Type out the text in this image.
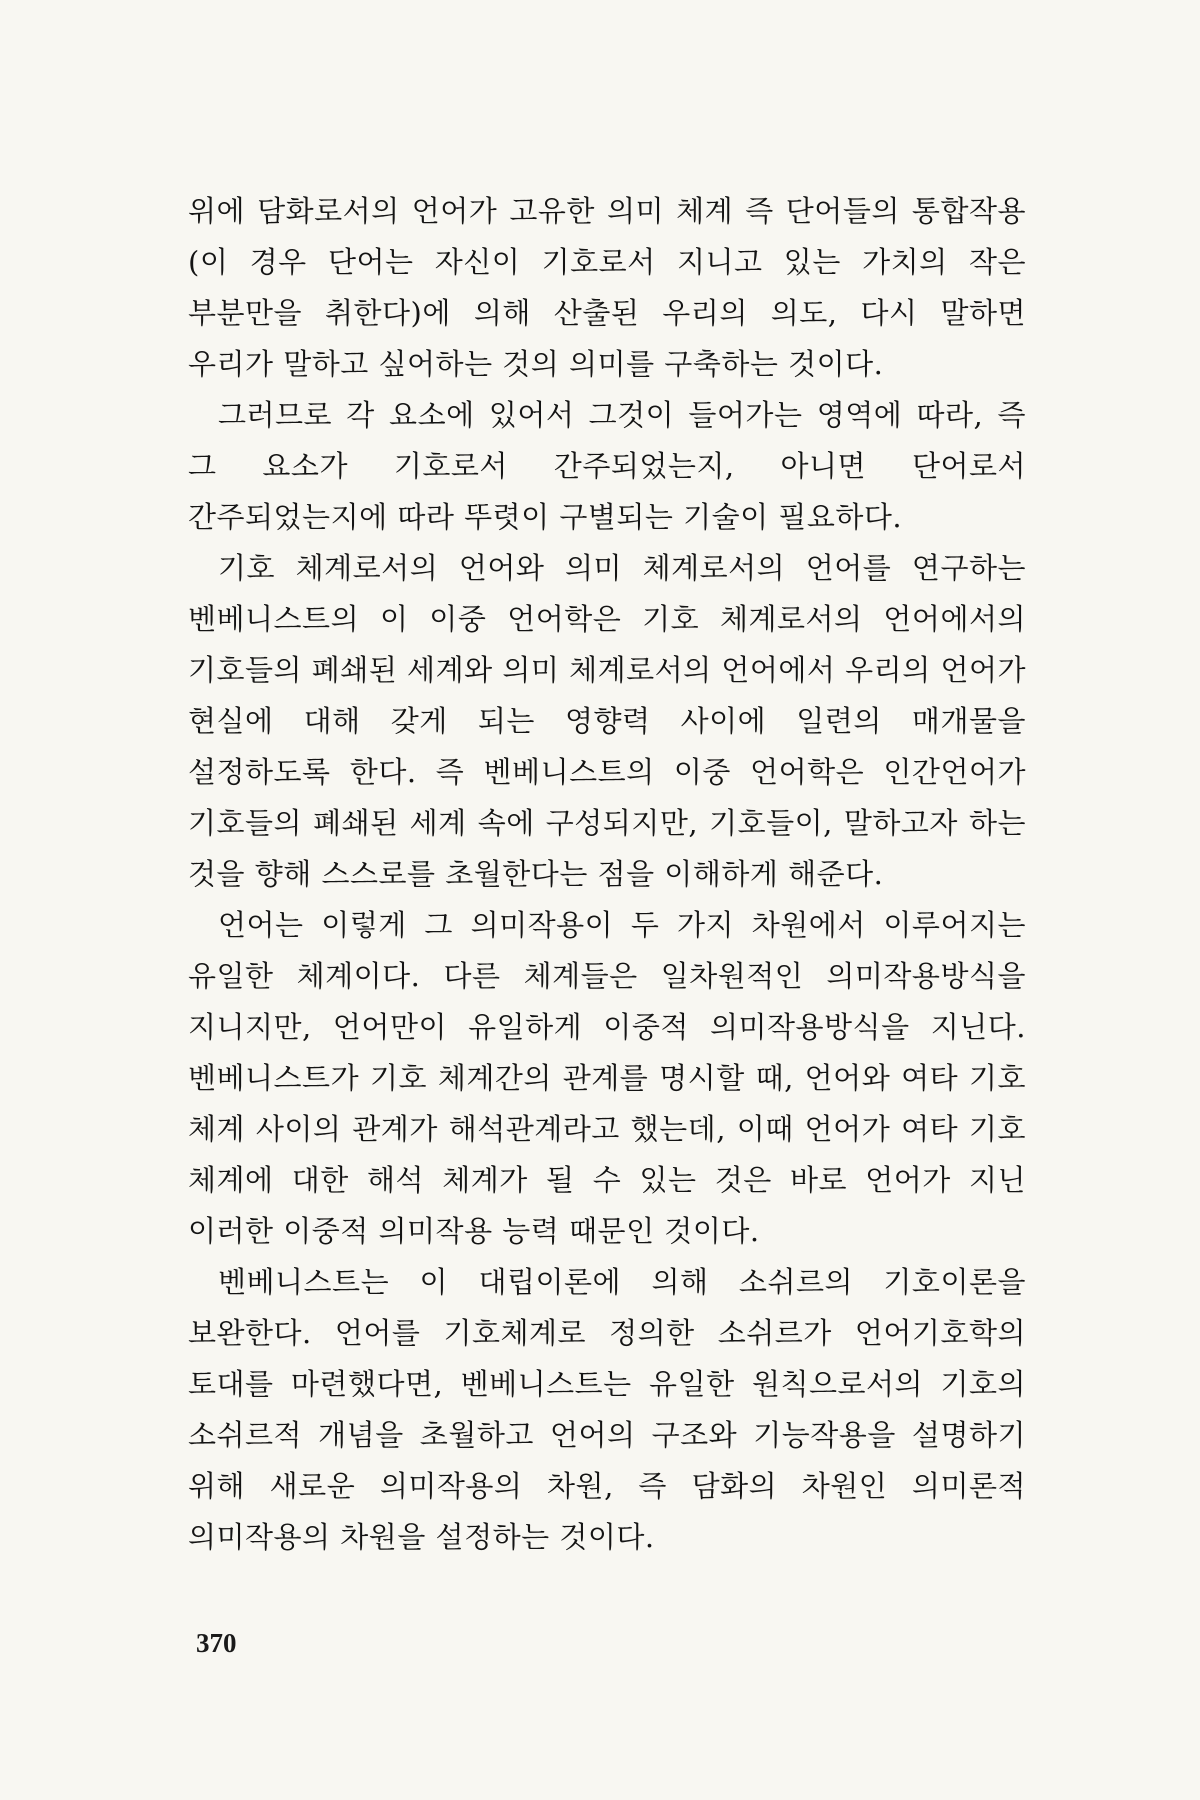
위에 담화로서의 언어가 고유한 의미 체계 즉 단어들의 통합작용(이 경우 단어는 자신이 기호로서 지니고 있는 가치의 작은 부분만을 취한다)에 의해 산출된 우리의 의도, 다시 말하면 우리가 말하고 싶어하는 것의 의미를 구축하는 것이다.

그러므로 각 요소에 있어서 그것이 들어가는 영역에 따라, 즉 그 요소가 기호로서 간주되었는지, 아니면 단어로서 간주되었는지에 따라 뚜렷이 구별되는 기술이 필요하다.

기호 체계로서의 언어와 의미 체계로서의 언어를 연구하는 벤베니스트의 이 이중 언어학은 기호 체계로서의 언어에서의 기호들의 폐쇄된 세계와 의미 체계로서의 언어에서 우리의 언어가 현실에 대해 갖게 되는 영향력 사이에 일련의 매개물을 설정하도록 한다. 즉 벤베니스트의 이중 언어학은 인간언어가 기호들의 폐쇄된 세계 속에 구성되지만, 기호들이, 말하고자 하는 것을 향해 스스로를 초월한다는 점을 이해하게 해준다.

언어는 이렇게 그 의미작용이 두 가지 차원에서 이루어지는 유일한 체계이다. 다른 체계들은 일차원적인 의미작용방식을 지니지만, 언어만이 유일하게 이중적 의미작용방식을 지닌다. 벤베니스트가 기호 체계간의 관계를 명시할 때, 언어와 여타 기호 체계 사이의 관계가 해석관계라고 했는데, 이때 언어가 여타 기호 체계에 대한 해석 체계가 될 수 있는 것은 바로 언어가 지닌 이러한 이중적 의미작용 능력 때문인 것이다.

벤베니스트는 이 대립이론에 의해 소쉬르의 기호이론을 보완한다. 언어를 기호체계로 정의한 소쉬르가 언어기호학의 토대를 마련했다면, 벤베니스트는 유일한 원칙으로서의 기호의 소쉬르적 개념을 초월하고 언어의 구조와 기능작용을 설명하기 위해 새로운 의미작용의 차원, 즉 담화의 차원인 의미론적 의미작용의 차원을 설정하는 것이다.

370
